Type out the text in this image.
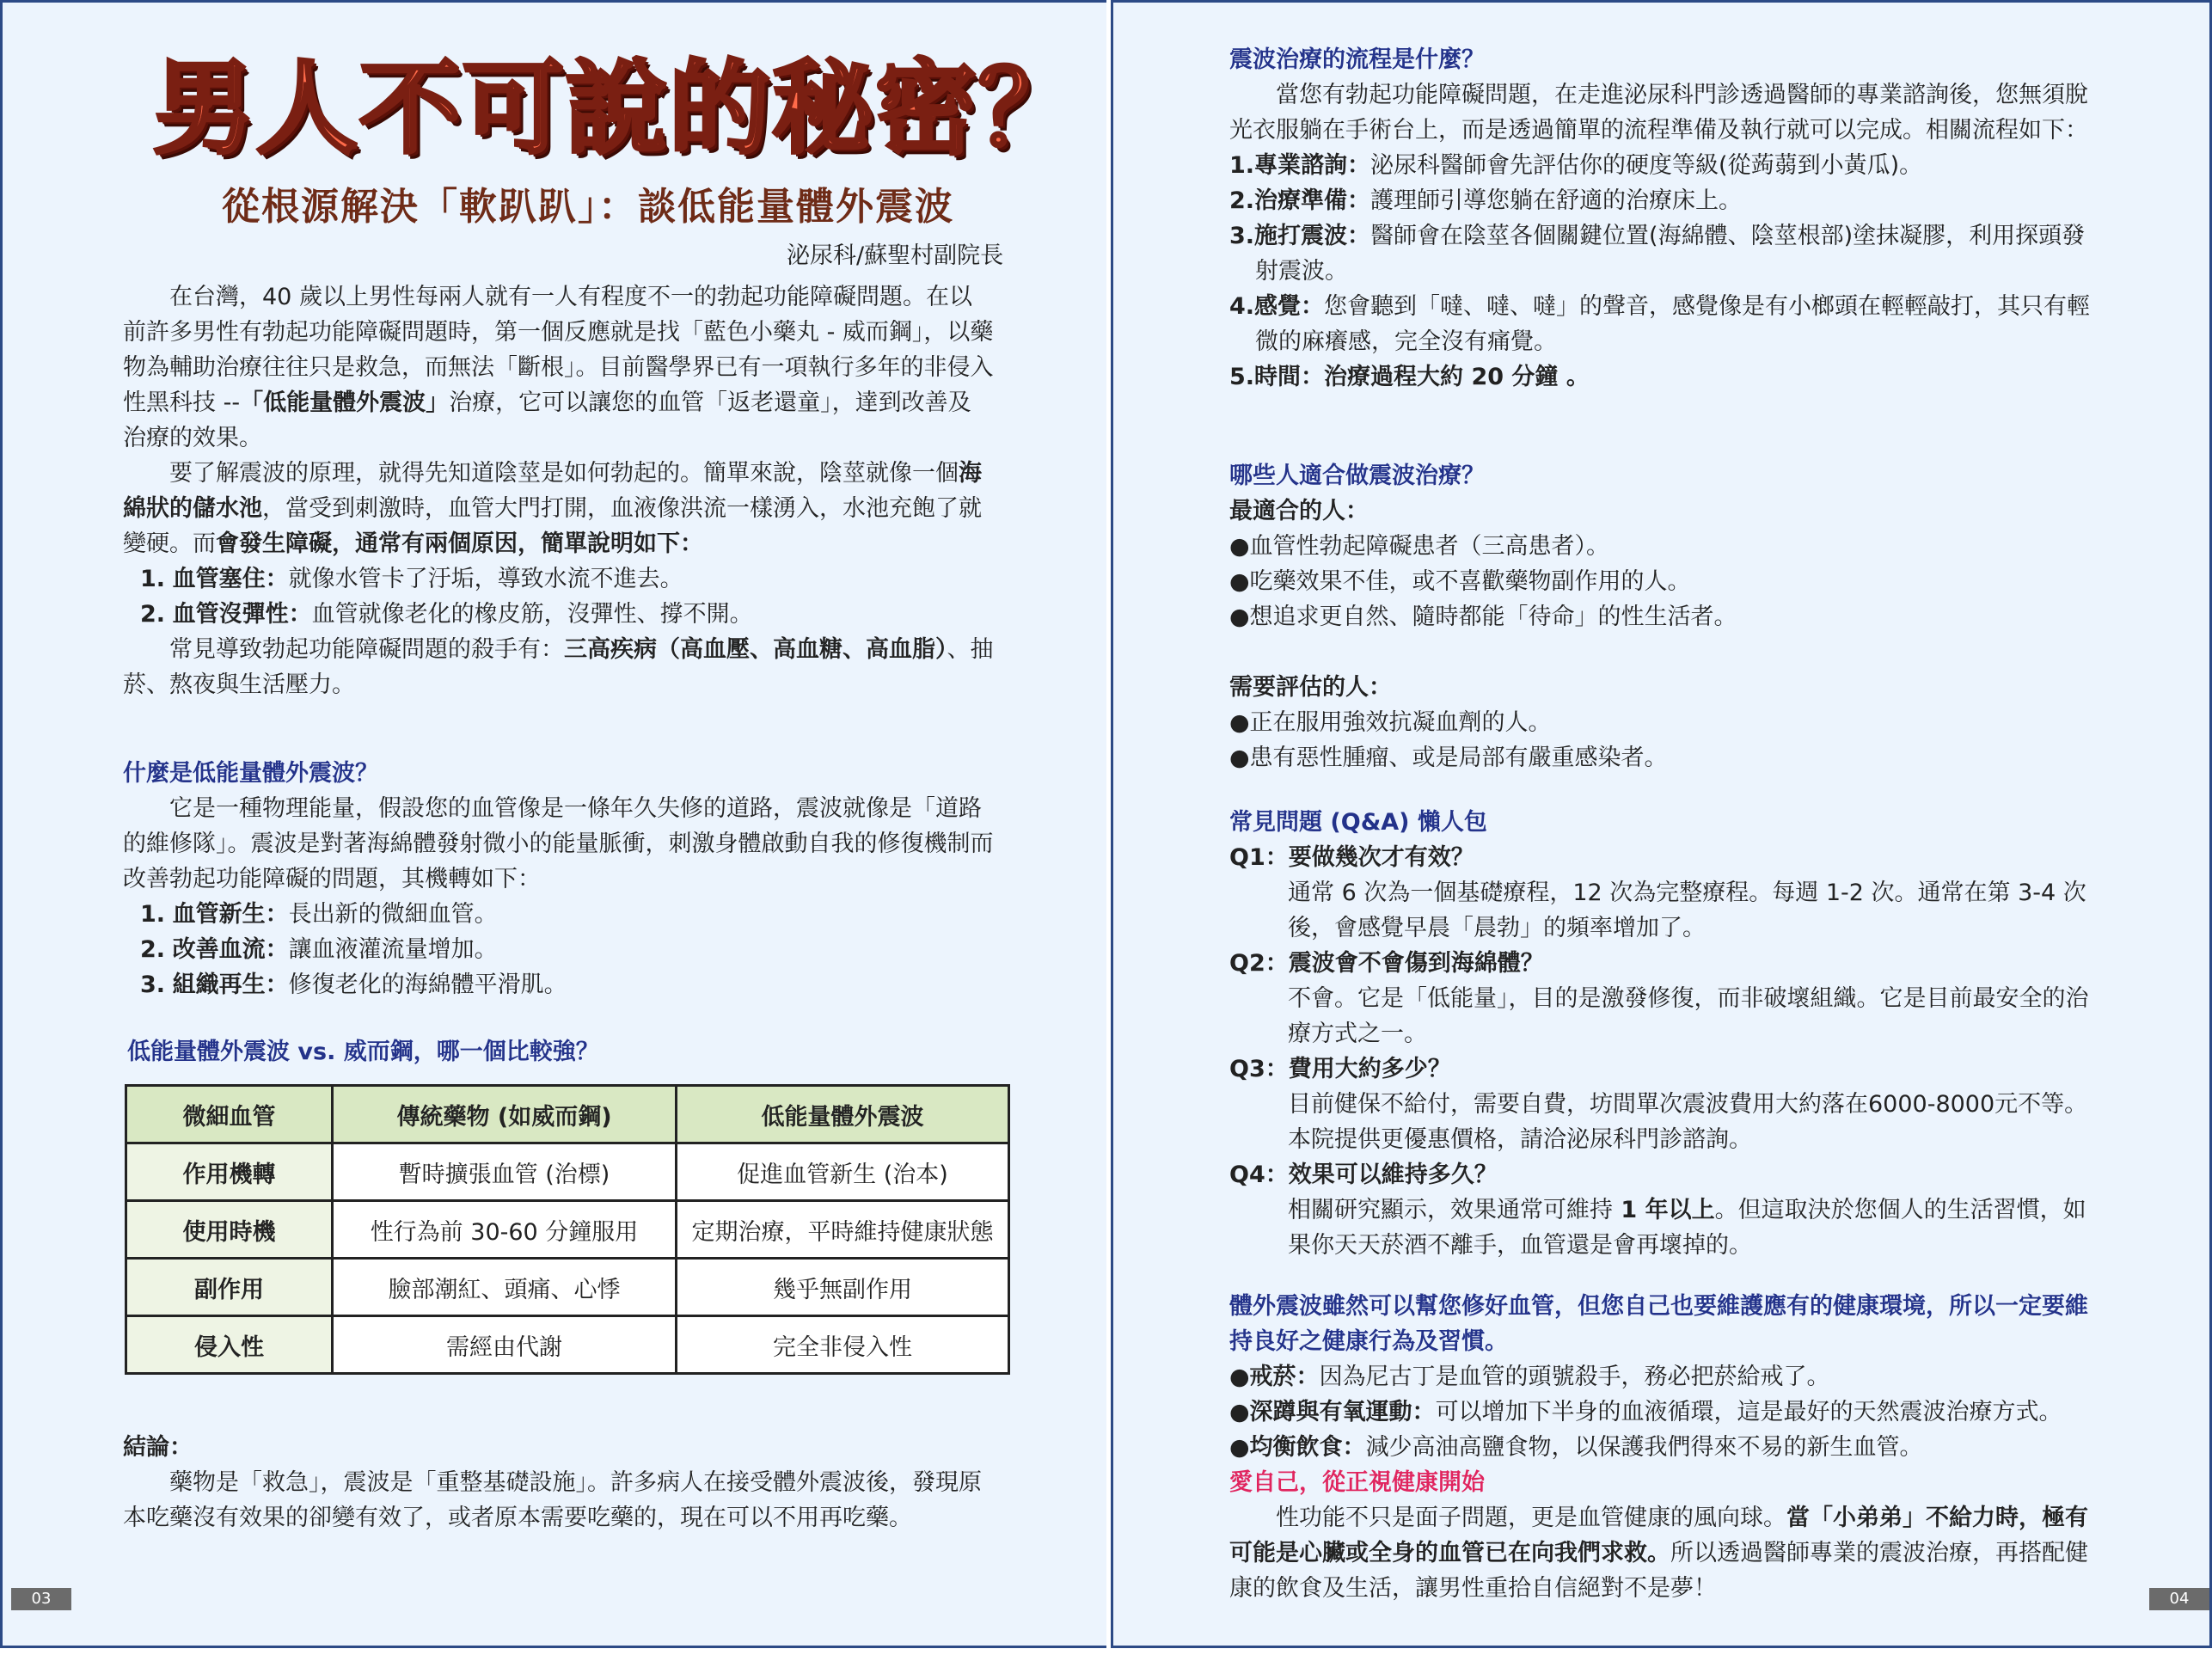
男人不可說的秘密？
從根源解決「軟趴趴」：談低能量體外震波
泌尿科/蘇聖村副院長

在台灣，40 歲以上男性每兩人就有一人有程度不一的勃起功能障礙問題。在以前許多男性有勃起功能障礙問題時，第一個反應就是找「藍色小藥丸 - 威而鋼」，以藥物為輔助治療往往只是救急，而無法「斷根」。目前醫學界已有一項執行多年的非侵入性黑科技 --「低能量體外震波」治療，它可以讓您的血管「返老還童」，達到改善及治療的效果。

要了解震波的原理，就得先知道陰莖是如何勃起的。簡單來說，陰莖就像一個海綿狀的儲水池，當受到刺激時，血管大門打開，血液像洪流一樣湧入，水池充飽了就變硬。而會發生障礙，通常有兩個原因，簡單說明如下：

1. 血管塞住：就像水管卡了汙垢，導致水流不進去。

2. 血管沒彈性：血管就像老化的橡皮筋，沒彈性、撐不開。

常見導致勃起功能障礙問題的殺手有：三高疾病（高血壓、高血糖、高血脂）、抽菸、熬夜與生活壓力。

什麼是低能量體外震波？

它是一種物理能量，假設您的血管像是一條年久失修的道路，震波就像是「道路的維修隊」。震波是對著海綿體發射微小的能量脈衝，刺激身體啟動自我的修復機制而改善勃起功能障礙的問題，其機轉如下：

1. 血管新生：長出新的微細血管。

2. 改善血流：讓血液灌流量增加。

3. 組織再生：修復老化的海綿體平滑肌。

低能量體外震波 vs. 威而鋼，哪一個比較強？

微細血管	傳統藥物 (如威而鋼)	低能量體外震波
作用機轉	暫時擴張血管 (治標)	促進血管新生 (治本)
使用時機	性行為前 30-60 分鐘服用	定期治療，平時維持健康狀態
副作用	臉部潮紅、頭痛、心悸	幾乎無副作用
侵入性	需經由代謝	完全非侵入性

結論：

藥物是「救急」，震波是「重整基礎設施」。許多病人在接受體外震波後，發現原本吃藥沒有效果的卻變有效了，或者原本需要吃藥的，現在可以不用再吃藥。

03

震波治療的流程是什麼？

當您有勃起功能障礙問題，在走進泌尿科門診透過醫師的專業諮詢後，您無須脫光衣服躺在手術台上，而是透過簡單的流程準備及執行就可以完成。相關流程如下：

1.專業諮詢：泌尿科醫師會先評估你的硬度等級(從蒟蒻到小黃瓜)。

2.治療準備：護理師引導您躺在舒適的治療床上。

3.施打震波：醫師會在陰莖各個關鍵位置(海綿體、陰莖根部)塗抹凝膠，利用探頭發射震波。

4.感覺：您會聽到「噠、噠、噠」的聲音，感覺像是有小榔頭在輕輕敲打，其只有輕微的麻癢感，完全沒有痛覺。

5.時間：治療過程大約 20 分鐘 。

哪些人適合做震波治療？

最適合的人：

●血管性勃起障礙患者（三高患者）。

●吃藥效果不佳，或不喜歡藥物副作用的人。

●想追求更自然、隨時都能「待命」的性生活者。

需要評估的人：

●正在服用強效抗凝血劑的人。

●患有惡性腫瘤、或是局部有嚴重感染者。

常見問題 (Q&A) 懶人包

Q1：要做幾次才有效？

通常 6 次為一個基礎療程，12 次為完整療程。每週 1-2 次。通常在第 3-4 次後，會感覺早晨「晨勃」的頻率增加了。

Q2：震波會不會傷到海綿體？

不會。它是「低能量」，目的是激發修復，而非破壞組織。它是目前最安全的治療方式之一。

Q3：費用大約多少？

目前健保不給付，需要自費，坊間單次震波費用大約落在6000-8000元不等。

本院提供更優惠價格，請洽泌尿科門診諮詢。

Q4：效果可以維持多久？

相關研究顯示，效果通常可維持 1 年以上。但這取決於您個人的生活習慣，如果你天天菸酒不離手，血管還是會再壞掉的。

體外震波雖然可以幫您修好血管，但您自己也要維護應有的健康環境，所以一定要維持良好之健康行為及習慣。

●戒菸：因為尼古丁是血管的頭號殺手，務必把菸給戒了。

●深蹲與有氧運動：可以增加下半身的血液循環，這是最好的天然震波治療方式。

●均衡飲食：減少高油高鹽食物，以保護我們得來不易的新生血管。

愛自己，從正視健康開始

性功能不只是面子問題，更是血管健康的風向球。當「小弟弟」不給力時，極有可能是心臟或全身的血管已在向我們求救。所以透過醫師專業的震波治療，再搭配健康的飲食及生活，讓男性重拾自信絕對不是夢！	04
